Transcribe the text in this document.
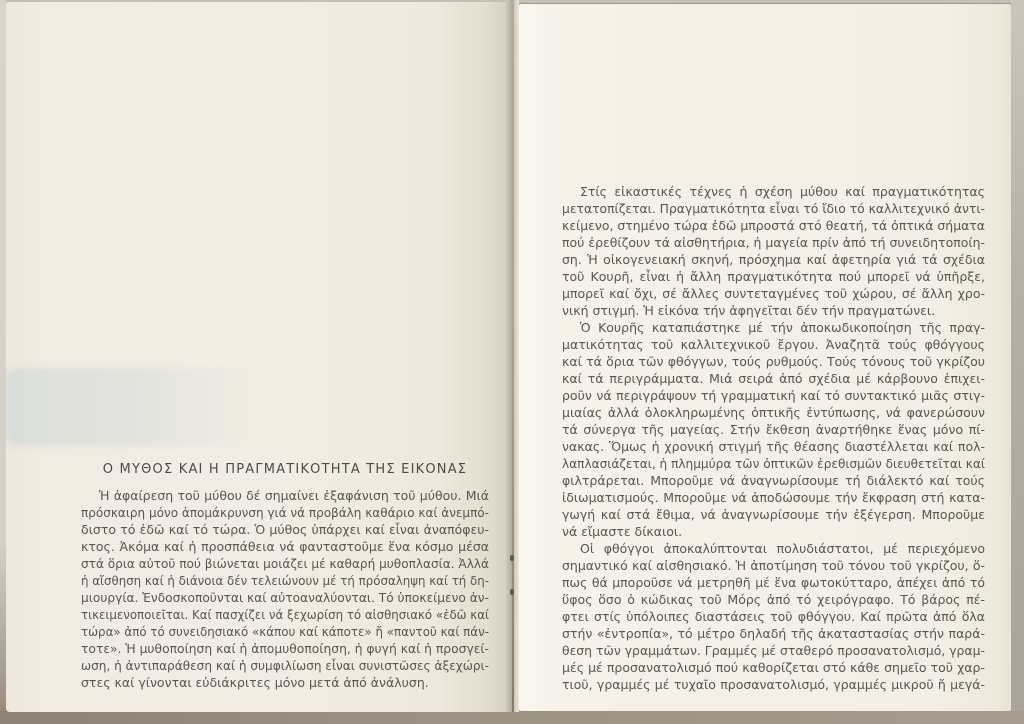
Ο ΜΥΘΟΣ ΚΑΙ Η ΠΡΑΓΜΑΤΙΚΟΤΗΤΑ ΤΗΣ ΕΙΚΟΝΑΣ
Ἡ ἀφαίρεση τοῦ μύθου δέ σημαίνει ἐξαφάνιση τοῦ μύθου. Μιά
πρόσκαιρη μόνο ἀπομάκρυνση γιά νά προβάλη καθάριο καί ἀνεμπό-
διστο τό ἐδῶ καί τό τώρα. Ὁ μύθος ὑπάρχει καί εἶναι ἀναπόφευ-
κτος. Ἀκόμα καί ἡ προσπάθεια νά φανταστοῦμε ἕνα κόσμο μέσα
στά ὅρια αὐτοῦ πού βιώνεται μοιάζει μέ καθαρή μυθοπλασία. Ἀλλά
ἡ αἴσθηση καί ἡ διάνοια δέν τελειώνουν μέ τή πρόσαληψη καί τή δη-
μιουργία. Ἐνδοσκοποῦνται καί αὐτοαναλύονται. Τό ὑποκείμενο ἀν-
τικειμενοποιεῖται. Καί πασχίζει νά ξεχωρίση τό αἰσθησιακό «ἐδῶ καί
τώρα» ἀπό τό συνειδησιακό «κάπου καί κάποτε» ἤ «παντοῦ καί πάν-
τοτε». Ἡ μυθοποίηση καί ἡ ἀπομυθοποίηση, ἡ φυγή καί ἡ προσγεί-
ωση, ἡ ἀντιπαράθεση καί ἡ συμφιλίωση εἶναι συνιστῶσες ἀξεχώρι-
στες καί γίνονται εὐδιάκριτες μόνο μετά ἀπό ἀνάλυση.
Στίς εἰκαστικές τέχνες ἡ σχέση μύθου καί πραγματικότητας
μετατοπίζεται. Πραγματικότητα εἶναι τό ἴδιο τό καλλιτεχνικό ἀντι-
κείμενο, στημένο τώρα ἐδῶ μπροστά στό θεατή, τά ὀπτικά σήματα
πού ἐρεθίζουν τά αἰσθητήρια, ἡ μαγεία πρίν ἀπό τή συνειδητοποίη-
ση. Ἡ οἰκογενειακή σκηνή, πρόσχημα καί ἀφετηρία γιά τά σχέδια
τοῦ Κουρῆ, εἶναι ἡ ἄλλη πραγματικότητα πού μπορεῖ νά ὑπῆρξε,
μπορεῖ καί ὄχι, σέ ἄλλες συντεταγμένες τοῦ χώρου, σέ ἄλλη χρο-
νική στιγμή. Ἡ εἰκόνα τήν ἀφηγεῖται δέν τήν πραγματώνει.
Ὁ Κουρῆς καταπιάστηκε μέ τήν ἀποκωδικοποίηση τῆς πραγ-
ματικότητας τοῦ καλλιτεχνικοῦ ἔργου. Ἀναζητᾶ τούς φθόγγους
καί τά ὅρια τῶν φθόγγων, τούς ρυθμούς. Τούς τόνους τοῦ γκρίζου
καί τά περιγράμματα. Μιά σειρά ἀπό σχέδια μέ κάρβουνο ἐπιχει-
ροῦν νά περιγράψουν τή γραμματική καί τό συντακτικό μιᾶς στιγ-
μιαίας ἀλλά ὁλοκληρωμένης ὀπτικῆς ἐντύπωσης, νά φανερώσουν
τά σύνεργα τῆς μαγείας. Στήν ἔκθεση ἀναρτήθηκε ἕνας μόνο πί-
νακας. Ὅμως ἡ χρονική στιγμή τῆς θέασης διαστέλλεται καί πολ-
λαπλασιάζεται, ἡ πλημμύρα τῶν ὀπτικῶν ἐρεθισμῶν διευθετεῖται καί
φιλτράρεται. Μποροῦμε νά ἀναγνωρίσουμε τή διάλεκτό καί τούς
ἰδιωματισμούς. Μποροῦμε νά ἀποδώσουμε τήν ἔκφραση στή κατα-
γωγή καί στά ἔθιμα, νά ἀναγνωρίσουμε τήν ἐξέγερση. Μποροῦμε
νά εἴμαστε δίκαιοι.
Οἱ φθόγγοι ἀποκαλύπτονται πολυδιάστατοι, μέ περιεχόμενο
σημαντικό καί αἰσθησιακό. Ἡ ἀποτίμηση τοῦ τόνου τοῦ γκρίζου, ὅ-
πως θά μποροῦσε νά μετρηθῆ μέ ἕνα φωτοκύτταρο, ἀπέχει ἀπό τό
ὕφος ὅσο ὁ κώδικας τοῦ Μόρς ἀπό τό χειρόγραφο. Τό βάρος πέ-
φτει στίς ὑπόλοιπες διαστάσεις τοῦ φθόγγου. Καί πρῶτα ἀπό ὅλα
στήν «ἐντροπία», τό μέτρο δηλαδή τῆς ἀκαταστασίας στήν παρά-
θεση τῶν γραμμάτων. Γραμμές μέ σταθερό προσανατολισμό, γραμ-
μές μέ προσανατολισμό πού καθορίζεται στό κάθε σημεῖο τοῦ χαρ-
τιοῦ, γραμμές μέ τυχαῖο προσανατολισμό, γραμμές μικροῦ ἤ μεγά-
